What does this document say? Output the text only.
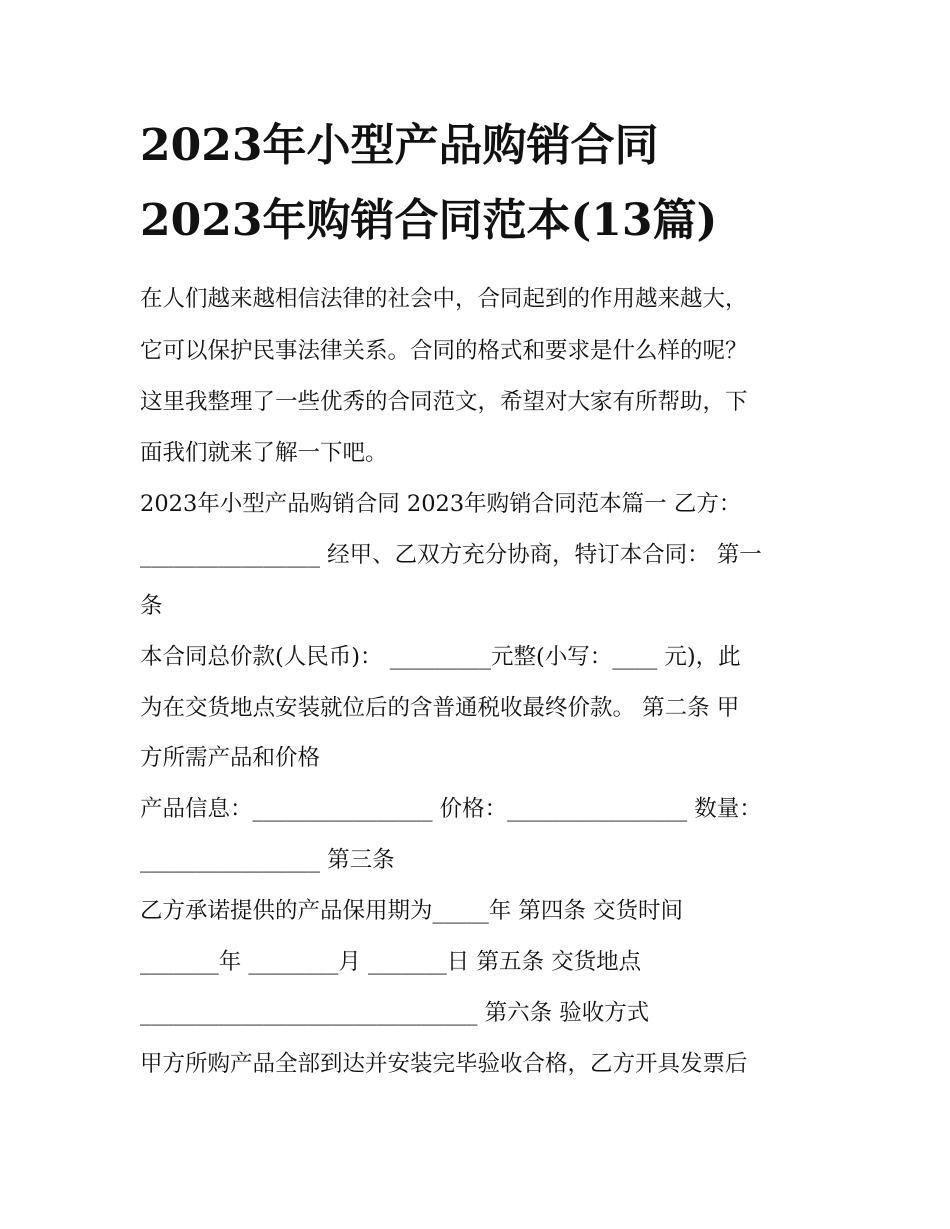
2023年小型产品购销合同
2023年购销合同范本(13篇)
在人们越来越相信法律的社会中，合同起到的作用越来越大，
它可以保护民事法律关系。合同的格式和要求是什么样的呢？
这里我整理了一些优秀的合同范文，希望对大家有所帮助，下
面我们就来了解一下吧。
2023年小型产品购销合同 2023年购销合同范本篇一 乙方：
________________ 经甲、乙双方充分协商，特订本合同： 第一
条
本合同总价款(人民币)： _________元整(小写：____ 元)，此
为在交货地点安装就位后的含普通税收最终价款。 第二条 甲
方所需产品和价格
产品信息：________________ 价格：________________ 数量：
________________ 第三条
乙方承诺提供的产品保用期为_____年 第四条 交货时间
_______年 ________月 _______日 第五条 交货地点
______________________________ 第六条 验收方式
甲方所购产品全部到达并安装完毕验收合格，乙方开具发票后
